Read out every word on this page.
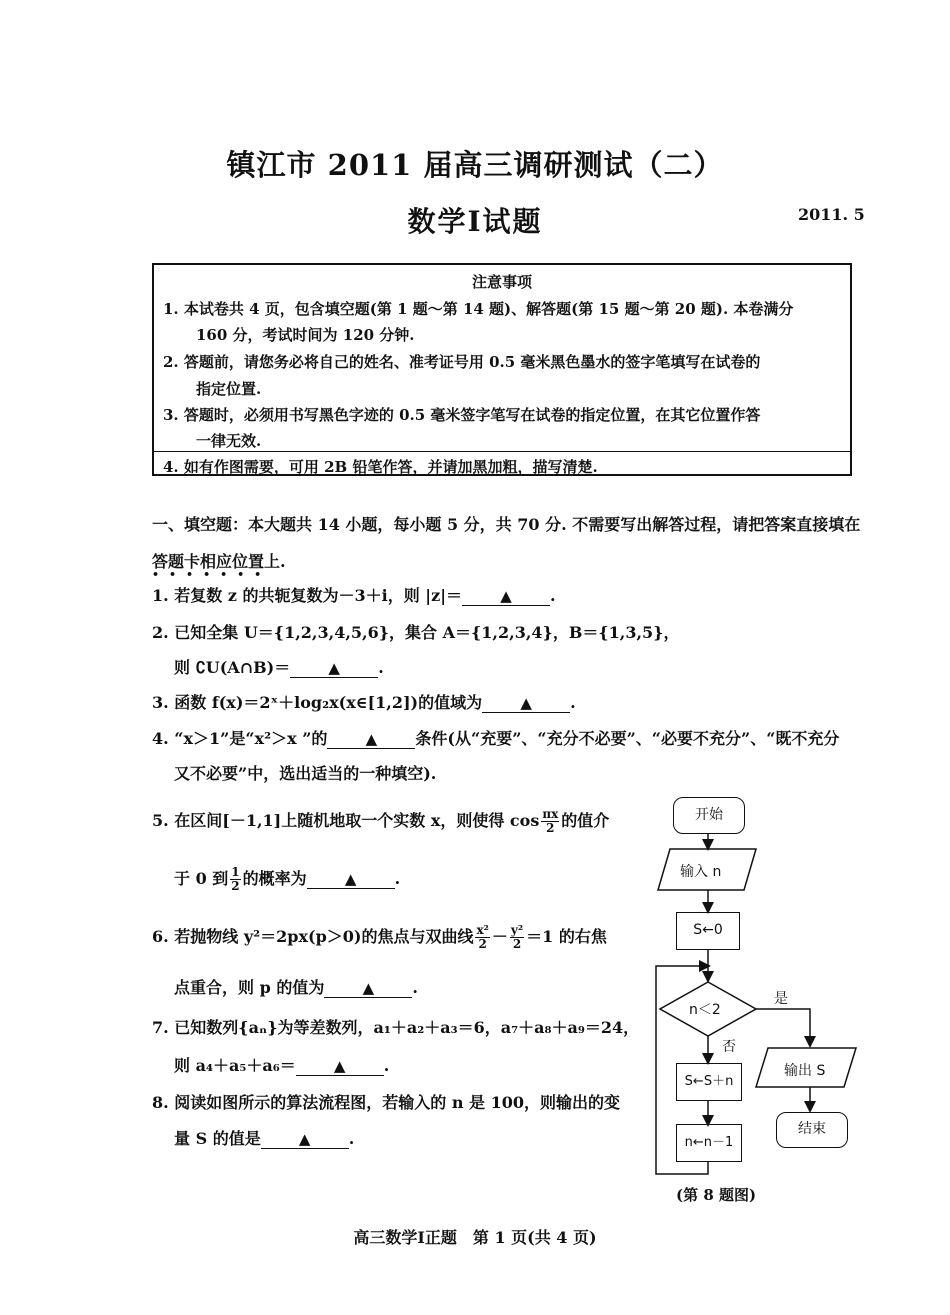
镇江市 2011 届高三调研测试（二）
数学Ⅰ试题	2011. 5
注意事项
1. 本试卷共 4 页，包含填空题(第 1 题～第 14 题)、解答题(第 15 题～第 20 题). 本卷满分
160 分，考试时间为 120 分钟.
2. 答题前，请您务必将自己的姓名、准考证号用 0.5 毫米黑色墨水的签字笔填写在试卷的
指定位置.
3. 答题时，必须用书写黑色字迹的 0.5 毫米签字笔写在试卷的指定位置，在其它位置作答
一律无效.
4. 如有作图需要，可用 2B 铅笔作答，并请加黑加粗，描写清楚.
一、填空题：本大题共 14 小题，每小题 5 分，共 70 分. 不需要写出解答过程，请把答案直接填在
答题卡相应位置上.
•••••••
1. 若复数 z 的共轭复数为－3＋i，则 |z|＝	▲ .
2. 已知全集 U＝{1,2,3,4,5,6}，集合 A＝{1,2,3,4}，B＝{1,3,5}，
则 ∁U(A∩B)＝	▲ .
3. 函数 f(x)＝2ˣ＋log₂x(x∈[1,2])的值域为	▲ .
4. “x＞1”是“x²＞x ”的	▲ 条件(从“充要”、“充分不必要”、“必要不充分”、“既不充分
又不必要”中，选出适当的一种填空).
5. 在区间[－1,1]上随机地取一个实数 x，则使得 $\cos \frac{\pi x}{2}$ 的值介
于 0 到 $\frac{1}{2}$ 的概率为	▲ .
6. 若抛物线 y²＝2px(p＞0)的焦点与双曲线 $\frac{\text{x²}}{2} - \frac{\text{y²}}{2} =1$ 的右焦
点重合，则 p 的值为	▲ .
7. 已知数列{aₙ}为等差数列，a₁＋a₂＋a₃＝6，a₇＋a₈＋a₉＝24，
则 a₄＋a₅＋a₆＝	▲ .
8. 阅读如图所示的算法流程图，若输入的 n 是 100，则输出的变
量 S 的值是	▲ .
开始
输入 n
S←0
n＜2
是
否
S←S＋n
n←n－1
输出 S
结束
(第 8 题图)
高三数学Ⅰ正题　第 1 页(共 4 页)
